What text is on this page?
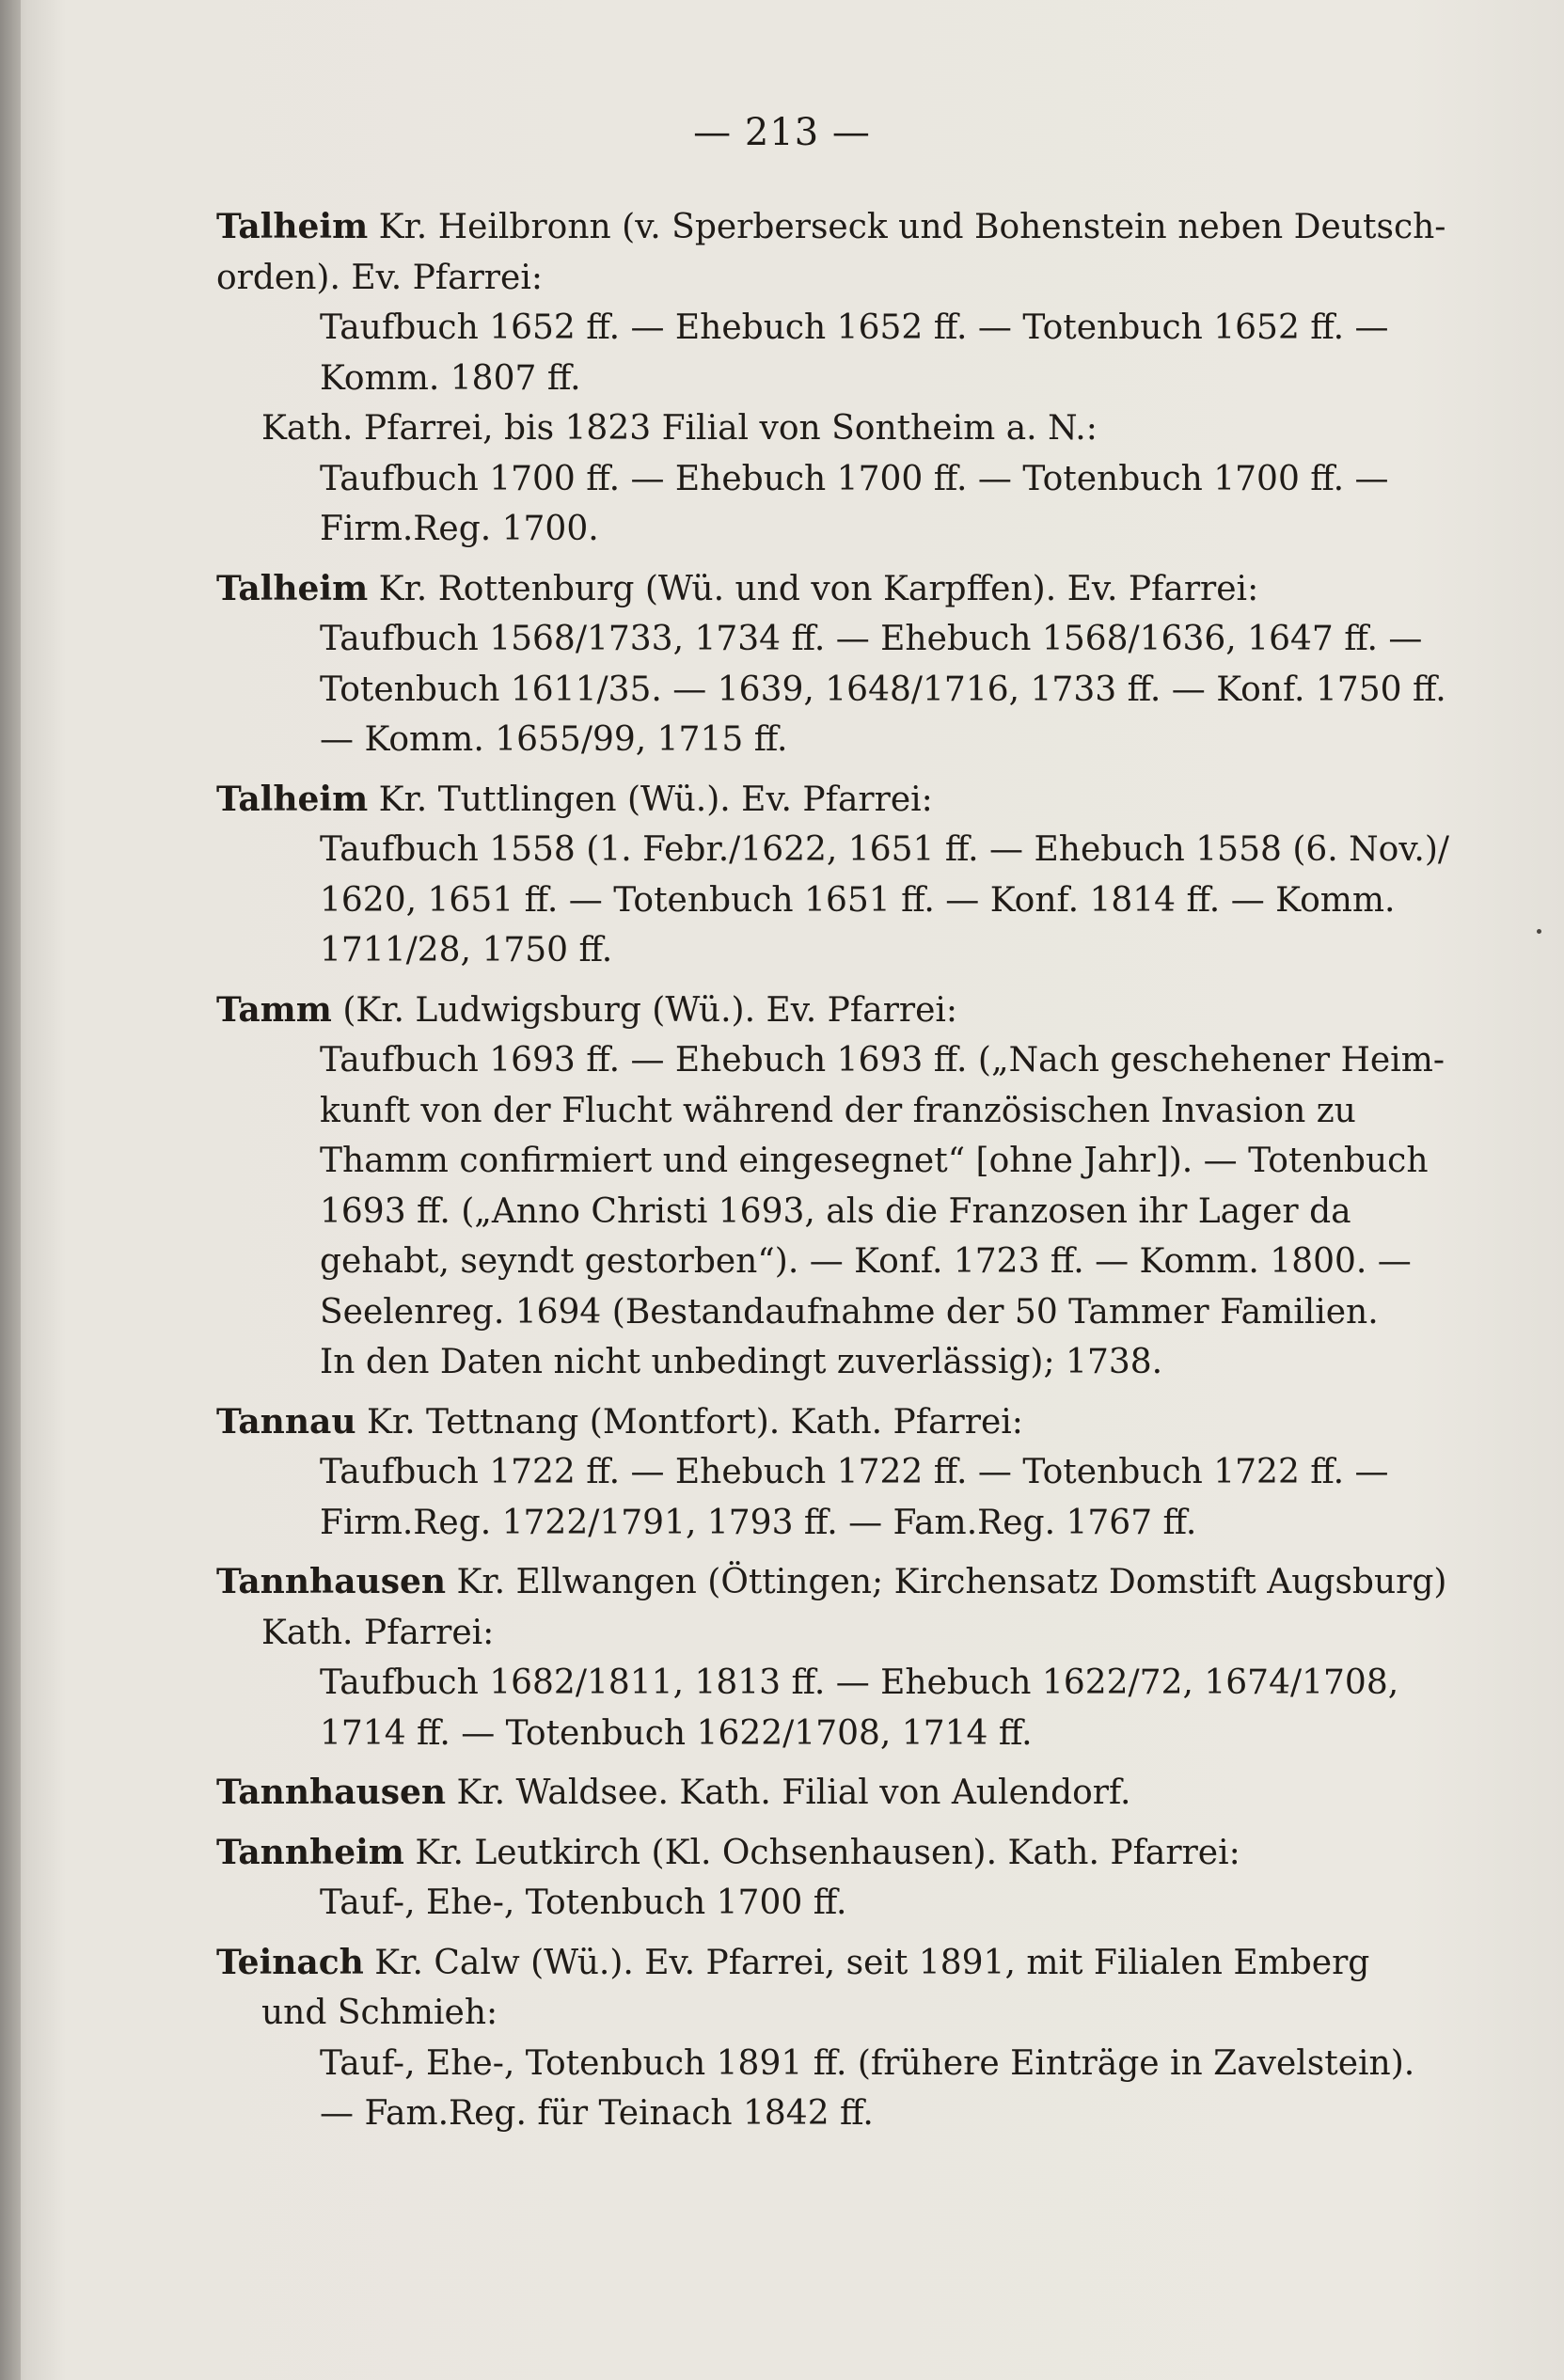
— 213 —
Talheim Kr. Heilbronn (v. Sperberseck und Bohenstein neben Deutsch-
orden). Ev. Pfarrei:
Taufbuch 1652 ff. — Ehebuch 1652 ff. — Totenbuch 1652 ff. —
Komm. 1807 ff.
Kath. Pfarrei, bis 1823 Filial von Sontheim a. N.:
Taufbuch 1700 ff. — Ehebuch 1700 ff. — Totenbuch 1700 ff. —
Firm.Reg. 1700.
Talheim Kr. Rottenburg (Wü. und von Karpffen). Ev. Pfarrei:
Taufbuch 1568/1733, 1734 ff. — Ehebuch 1568/1636, 1647 ff. —
Totenbuch 1611/35. — 1639, 1648/1716, 1733 ff. — Konf. 1750 ff.
— Komm. 1655/99, 1715 ff.
Talheim Kr. Tuttlingen (Wü.). Ev. Pfarrei:
Taufbuch 1558 (1. Febr./1622, 1651 ff. — Ehebuch 1558 (6. Nov.)/
1620, 1651 ff. — Totenbuch 1651 ff. — Konf. 1814 ff. — Komm.
1711/28, 1750 ff.
Tamm (Kr. Ludwigsburg (Wü.). Ev. Pfarrei:
Taufbuch 1693 ff. — Ehebuch 1693 ff. („Nach geschehener Heim-
kunft von der Flucht während der französischen Invasion zu
Thamm confirmiert und eingesegnet“ [ohne Jahr]). — Totenbuch
1693 ff. („Anno Christi 1693, als die Franzosen ihr Lager da
gehabt, seyndt gestorben“). — Konf. 1723 ff. — Komm. 1800. —
Seelenreg. 1694 (Bestandaufnahme der 50 Tammer Familien.
In den Daten nicht unbedingt zuverlässig); 1738.
Tannau Kr. Tettnang (Montfort). Kath. Pfarrei:
Taufbuch 1722 ff. — Ehebuch 1722 ff. — Totenbuch 1722 ff. —
Firm.Reg. 1722/1791, 1793 ff. — Fam.Reg. 1767 ff.
Tannhausen Kr. Ellwangen (Öttingen; Kirchensatz Domstift Augsburg)
Kath. Pfarrei:
Taufbuch 1682/1811, 1813 ff. — Ehebuch 1622/72, 1674/1708,
1714 ff. — Totenbuch 1622/1708, 1714 ff.
Tannhausen Kr. Waldsee. Kath. Filial von Aulendorf.
Tannheim Kr. Leutkirch (Kl. Ochsenhausen). Kath. Pfarrei:
Tauf-, Ehe-, Totenbuch 1700 ff.
Teinach Kr. Calw (Wü.). Ev. Pfarrei, seit 1891, mit Filialen Emberg
und Schmieh:
Tauf-, Ehe-, Totenbuch 1891 ff. (frühere Einträge in Zavelstein).
— Fam.Reg. für Teinach 1842 ff.
